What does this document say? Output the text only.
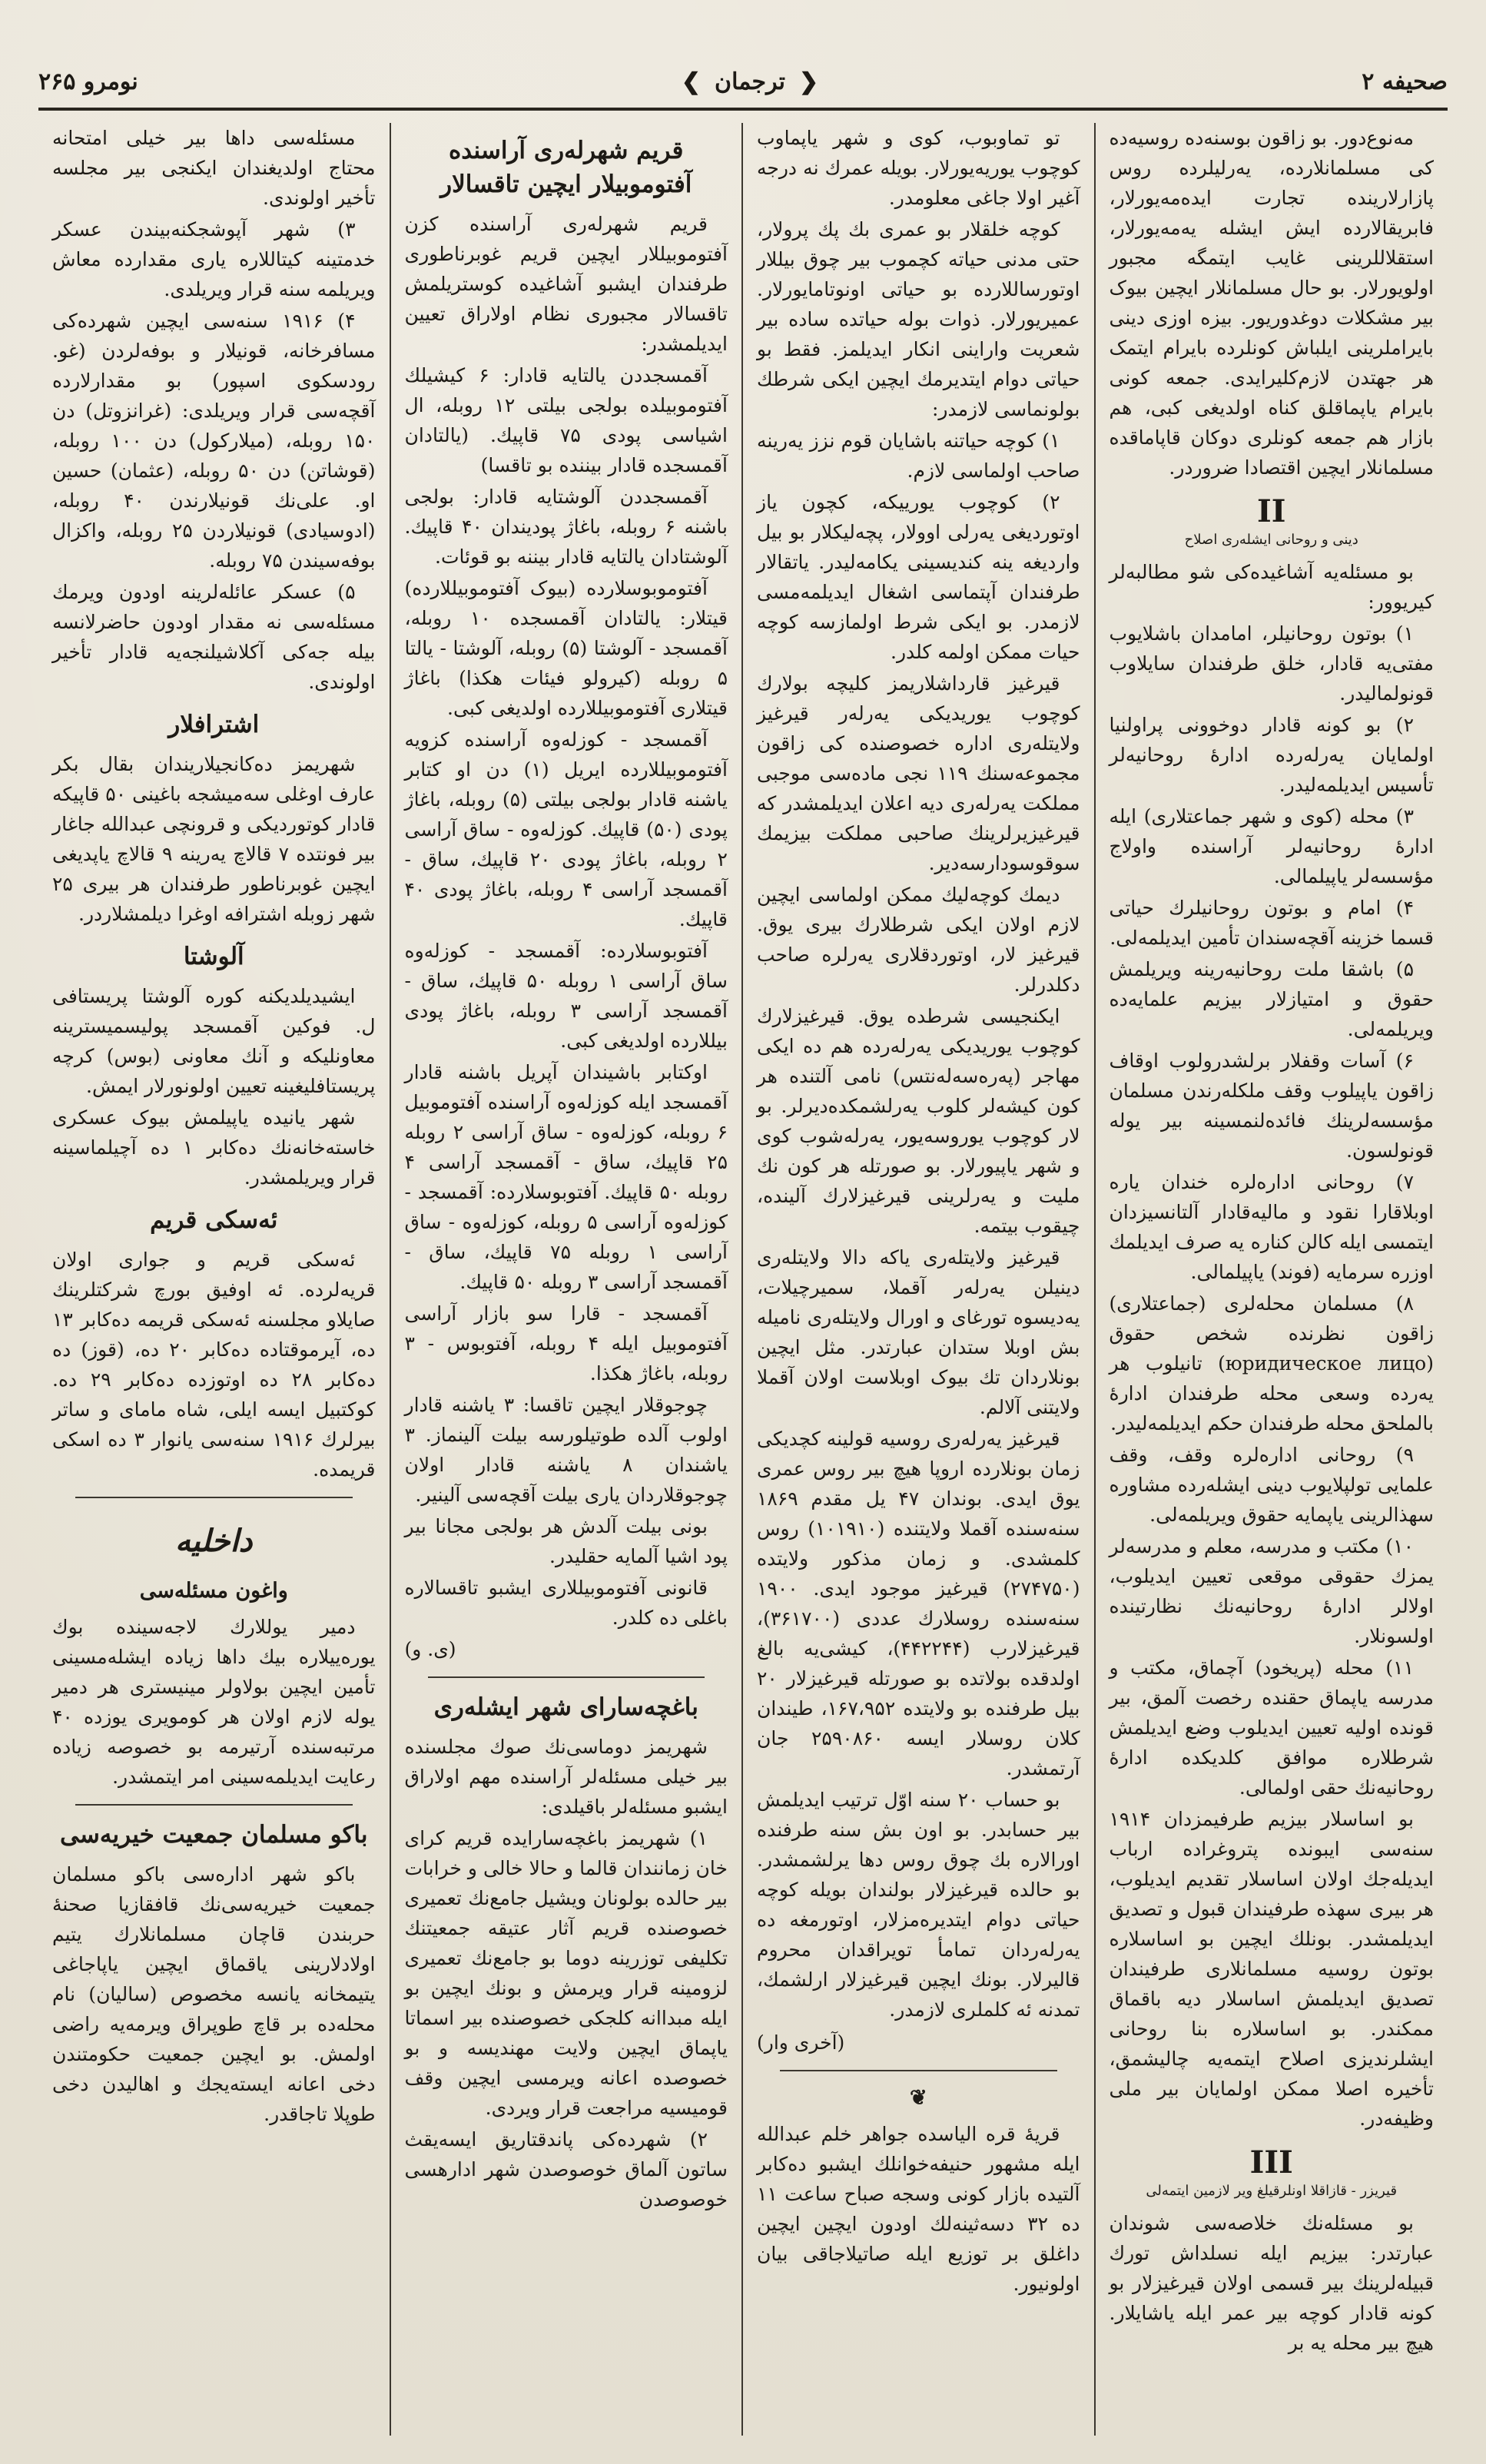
صحيفه ۲
❮
ترجمان
❯
نومرو ۲۶۵

مەنوع‌دور. بو زاقون بوسنه‌ده روسیه‌ده کی مسلمانلاردە، یەرلیلرده روس پازارلارینده تجارت ایدەمه‌یورلار، فابریقالارده ایش ایشله یه‌مه‌یورلار، استقلاللرینی غایب ایتمگه مجبور اولویورلار. بو حال مسلمانلار ایچین بیوک بیر مشکلات دوغدوریور. بیزه اوزی دینی بایراملرینی ایلباش کونلرده بایرام ایتمک هر جهتدن لازم‌کلیرایدی. جمعه کونی بایرام یاپماقلق کناه اولدیغی کبی، هم بازار هم جمعه کونلری دوکان قاپاماقده مسلمانلار ایچین اقتصادا ضروردر.

II
دینی و روحانی ایشلەری اصلاح

بو مسئله‌یه آشاغیده‌کی شو مطالبه‌لر کیریوور:

۱) بوتون روحانیلر، امامدان باشلایوب مفتی‌یه قادار، خلق طرفندان سایلاوب قونولمالیدر.

۲) بو کونه قادار دوخوونی پراولنیا اولمایان یەرلەرده ادارهٔ روحانیه‌لر تأسیس ایدیلمه‌لیدر.

۳) محله (کوی و شهر جماعتلاری) ایله ادارهٔ روحانیه‌لر آراسنده واولاج مؤسسه‌لر یاپیلمالی.

۴) امام و بوتون روحانیلرك حیاتی قسما خزینه آقچه‌سندان تأمین ایدیلمەلی.

۵) باشقا ملت روحانیه‌رینه ویریلمش حقوق و امتیازلار بیزیم علمایه‌ده ویریلمەلی.

۶) آسات وقفلار برلشدرولوب اوقاف زاقون یاپیلوب وقف ملکلەرندن مسلمان مؤسسه‌لرینك فائده‌لنمسینه بیر یوله قونولسون.

۷) روحانی ادارەلره خندان یاره اوبلاقارا نقود و مالیه‌قادار آلتانسیزدان ایتمسی ایله کالن کناره یه صرف ایدیلمك اوزره سرمایه (فوند) یاپیلمالی.

۸) مسلمان محله‌لری (جماعتلاری) زاقون نظرنده شخص حقوق (юридическое лицо) تانیلوب هر یەرده وسعی محله طرفندان ادارهٔ بالملحق محله طرفندان حکم ایدیلمه‌لیدر.

۹) روحانی ادارەلره وقف، وقف علمایی تولپلایوب دینی ایشلەرده مشاوره سهذالرینی یاپمایه حقوق ویریلمەلی.

۱۰) مکتب و مدرسه، معلم و مدرسه‌لر یمزك حقوقی موقعی تعیین ایدیلوب، اولالر ادارهٔ روحانیه‌نك نظارتینده اولسونلار.

۱۱) محله (پریخود) آچماق، مکتب و مدرسه یاپماق حقنده رخصت آلمق، بیر قونده اولیه تعیین ایدیلوب وضع ایدیلمش شرطلاره موافق کلدیکده ادارهٔ روحانیه‌نك حقی اولمالی.

بو اساسلار بیزیم طرفیمزدان ۱۹۱۴ سنه‌سی ایبونده پتروغراده ارباب ایدیله‌جك اولان اساسلار تقدیم ایدیلوب، هر بیری سهذه طرفیندان قبول و تصدیق ایدیلمشدر. بونلك ایچین بو اساسلاره بوتون روسیه مسلمانلاری طرفیندان تصدیق ایدیلمش اساسلار دیه باقماق ممکندر. بو اساسلاره بنا روحانی ایشلرندیزی اصلاح ایتمه‌یه چالیشمق، تأخیره اصلا ممکن اولمایان بیر ملی وظیفه‌در.

III
قیریزر - قازاقلا اونلرقیلغ ویر لازمین ایتمه‌لی

بو مسئله‌نك خلاصه‌سی شوندان عبارتدر: بیزیم ایله نسلداش تورك قبیله‌لرینك بیر قسمی اولان قیرغیزلار بو کونه قادار کوچه بیر عمر ایله یاشایلار. هیچ بیر محله یه بر

تو تماوبوب، کوی و شهر یاپماوب کوچوب یوریه‌یورلار. بویله عمرك نه درجه آغیر اولا جاغی معلومدر.

کوچه خلقلار بو عمری بك پك‌ پرولار، حتی مدنی حیاته کچموب بیر چوق بیللار اوتورساللارده بو حیاتی اونوتامایورلار. عمیریورلار. ذوات بوله حیاتده ساده بیر شعریت واراینی انکار ایدیلمز. فقط بو حیاتی دوام ایتدیرمك ایچین ایکی شرطك بولونماسی لازمدر:

۱) کوچه حیاتنه باشایان قوم نزز یەرینه صاحب اولماسی لازم.

۲) کوچوب یورییکه، کچون یاز اوتوردیغی یەرلی اوولار، پچه‌لیکلار بو بیل واردیغه ینه کندیسینی یکامه‌لیدر. یاتقالار طرفندان آپتماسی اشغال ایدیلمه‌مسی لازمدر. بو ایکی شرط اولمازسه کوچه حیات ممکن اولمه کلدر.

قیرغیز قارداشلاریمز کلیچه بولارك کوچوب یوریدیکی یەرلەر قیرغیز ولایتلەری اداره خصوصنده کی زاقون مجموعه‌سنك ۱۱۹ نجی ماده‌سی موجبی مملکت یەرلەری دیه اعلان ایدیلمشدر که قیرغیزیرلرینك صاحبی مملکت بیزیمك سوقوسودارسه‌دیر.

دیمك کوچه‌لیك ممکن اولماسی ایچین لازم اولان ایکی شرطلارك بیری یوق. قیرغیز لار، اوتوردقلاری یەرلره صاحب دکلدرلر.

ایکنجیسی شرطده یوق. قیرغیزلارك کوچوب یوریدیکی یەرلەرده هم ده ایکی مهاجر (پەرەسەلەنتس) نامی آلتنده هر کون کیشه‌لر کلوب یەرلشمکده‌دیرلر. بو لار کوچوب یوروسەیور، یەرلەشوب کوی و شهر یاپیورلار. بو صورتله هر کون نك ملیت و یەرلرینی قیرغیزلارك آلینده، چیقوب بیتمه.

قیرغیز ولایتلەری یاکه دالا ولایتلەری دینیلن یەرلەر آقملا، سمیرچیلات، یه‌دیسوه تورغای و اورال ولایتلەری نامیله بش اوبلا ستدان عبارتدر. مثل ایچین بونلاردان تك بیوک اوبلاست اولان آقملا ولایتنی آلالم.

قیرغیز یەرلەری روسیه قولینه کچدیکی زمان بونلاردە اروپا هیچ بیر روس عمری یوق ایدی. بوندان ۴۷ یل مقدم ۱۸۶۹ سنه‌سنده آقملا ولایتنده (۱۰۱۹۱۰) روس کلمشدی. و زمان مذکور ولایتده (۲۷۴۷۵۰) قیرغیز موجود ایدی. ۱۹۰۰ سنه‌سنده روسلارك عددی (۳۶۱۷۰۰)، قیرغیزلارب (۴۴۲۲۴۴)، کیشی‌یه بالغ اولدقده بولاتده بو صورتله قیرغیزلار ۲۰ بیل طرفنده بو ولایتده ۱۶۷،۹۵۲، طیندان کلان روسلار ایسه ۲۵۹۰۸۶۰ جان آرتمشدر.

بو حساب ۲۰ سنه اوّل ترتیب ایدیلمش بیر حسابدر. بو اون بش سنه طرفنده اورالاره بك چوق روس دها یرلشمشدر. بو حالده قیرغیزلار بولندان بویله کوچه حیاتی دوام ایتدیره‌مزلار، اوتورمغه ده یەرلەردان تمامأ تویراقدان محروم قالیرلار. بونك ایچین قیرغیزلار ارلشمك، تمدنه ئه کلملری لازمدر.

(آخری وار)
❦

قریهٔ قره الیاسده جواهر خلم عبدالله ایله مشهور حنیفه‌خوانلك ایشبو ده‌کابر آلتیده بازار کونی وسجه صباح ساعت ۱۱ ده ۳۲ دسه‌ثینه‌لك اودون ایچین ایچین داغلق بر توزیع ایله صاتیلاجاقی بیان اولونیور.

قریم شهرلەری آراسنده آفتوموبیلار ایچین تاقسالار

قریم شهرلەری آراسنده کزن آفتوموبیللار ایچین قریم غوبرناطوری طرفندان ایشبو آشاغیده کوستریلمش تاقسالار مجبوری نظام اولاراق تعیین ایدیلمشدر:

آقمسجددن یالتایه قادار: ۶ کیشیلك آفتوموبیلده بولجی بیلتی ۱۲ روبله، ال اشیاسی پودی ۷۵ قاپیك. (یالتادان آقمسجده قادار بیننده بو تاقسا)

آقمسجددن آلوشتایه قادار: بولجی باشنه ۶ روبله، باغاژ پودیندان ۴۰ قاپیك. آلوشتادان یالتایه قادار بیننه بو قوئات.

آفتوموبوسلارده (بیوک آفتوموبیللارده) قیتلار: یالتادان آقمسجده ۱۰ روبله، آقمسجد - آلوشتا (۵) روبله، آلوشتا - یالتا ۵ روبله (کیرولو فیئات هکذا) باغاژ قیتلاری آفتوموبیللارده اولدیغی کبی.

آقمسجد - کوزله‌وه آراسنده کزویه آفتوموبیللارده ایریل (۱) دن او کتابر یاشنه قادار بولجی بیلتی (۵) روبله، باغاژ پودی (۵۰) قاپیك. کوزله‌وه - ساق آراسی ۲ روبله، باغاژ پودی ۲۰ قاپیك، ساق - آقمسجد آراسی ۴ روبله، باغاژ پودی ۴۰ قاپیك.

آفتوبوسلارده: آقمسجد - کوزله‌وه ساق آراسی ۱ روبله ۵۰ قاپیك، ساق - آقمسجد آراسی ۳ روبله، باغاژ پودی بیللارده اولدیغی کبی.

اوکتابر باشیندان آپریل باشنه قادار آقمسجد ایله کوزله‌وه آراسنده آفتوموبیل ۶ روبله، کوزله‌وه - ساق آراسی ۲ روبله ۲۵ قاپیك، ساق - آقمسجد آراسی ۴ روبله ۵۰ قاپیك. آفتوبوسلارده: آقمسجد - کوزله‌وه آراسی ۵ روبله، کوزله‌وه - ساق آراسی ۱ روبله ۷۵ قاپیك، ساق - آقمسجد آراسی ۳ روبله ۵۰ قاپیك.

آقمسجد - قارا سو بازار آراسی آفتوموبیل ایله ۴ روبله، آفتوبوس - ۳ روبله، باغاژ هکذا.

چوجوقلار ایچین تاقسا: ۳ یاشنه قادار اولوب آلده طوتیلورسه بیلت آلینماز. ۳ یاشندان ۸ یاشنه قادار اولان چوجوقلاردان یاری بیلت آقچه‌سی آلینیر.

بونی بیلت آلدش هر بولجی مجانا بیر پود اشیا آلمایه حقلیدر.

قانونی آفتوموبیللاری ایشبو تاقسالاره باغلی ده کلدر.

(ی. و)
باغچه‌سارای شهر ایشلەری

شهریمز دوماسی‌نك صوك مجلسنده بیر خیلی مسئلەلر آراسنده مهم اولاراق ایشبو مسئلەلر باقیلدی:

۱) شهریمز باغچه‌سارایده قریم کرای خان زمانندان قالما و حالا خالی و خرابات بیر حالده بولونان ویشیل جامع‌نك تعمیری خصوصنده قریم آثار عتیقه جمعیتنك تکلیفی توزرینه دوما بو جامع‌نك تعمیری لزومینه قرار ویرمش و بونك ایچین بو ایله مبداانه کلجکی خصوصنده بیر اسماتا یاپماق ایچین ولایت مهندیسه و بو خصوصده اعانه ویرمسی ایچین وقف قومیسیه مراجعت قرار ویردی.

۲) شهرده‌کی پاندقتاریق ایسه‌یقث ساتون آلماق خوصوصدن شهر ادارهسی خوصوصدن

مسئله‌سی داها بیر خیلی امتحانه محتاج اولدیغندان ایکنجی بیر مجلسه تأخیر اولوندی.

۳) شهر آپوشجکنه‌بیندن عسکر خدمتینه کیتاللاره یاری مقدارده معاش ویریلمه سنه قرار ویریلدی.

۴) ۱۹۱۶ سنه‌سی ایچین شهرده‌کی مسافرخانه، قونیلار و بوفه‌لردن (غو. رودسکوی اسپور) بو مقدارلارده آقچه‌سی قرار ویریلدی: (غرانزوتل) دن ۱۵۰ روبله، (میلارکول) دن ۱۰۰ روبله، (قوشاتن) دن ۵۰ روبله، (عثمان) حسین او. علی‌نك قونیلارندن ۴۰ روبله، (ادوسیادی) قونیلاردن ۲۵ روبله، واکزال بوفه‌سیندن ۷۵ روبله.

۵) عسکر عائلەلرینه اودون ویرمك مسئله‌سی نه مقدار اودون حاضرلانسه بیله جه‌کی آکلاشیلنجه‌یه قادار تأخیر اولوندی.

اشترافلار

شهریمز ده‌کانجیلاریندان بقال بکر عارف اوغلی سه‌میشجه باغینی ۵۰ قاپیکه قادار کوتوردیکی و قرونچی عبدالله جاغار بیر فونتده ۷ قالاچ یەرینه ۹ قالاچ یاپدیغی ایچین غوبرناطور طرفندان هر بیری ۲۵ شهر زوبله اشترافه اوغرا دیلمشلاردر.

آلوشتا

ایشیدیلدیکنه کوره آلوشتا پریستافی ل. فوکین آقمسجد پولیسمیسترینه معاونلیکه و آنك معاونی (بوس) کرچه پریستافلیغینه تعیین اولونورلار ایمش.

شهر یانیده یاپیلمش بیوک عسکری خاسته‌خانه‌نك ده‌کابر ۱ ده آچیلماسینه قرار ویریلمشدر.

ئه‌سکی قریم

ئه‌سکی قریم و جواری اولان قریەلرده. ئه اوفیق بورچ شرکتلرینك صایلاو مجلسنه ئه‌سکی قریمه ده‌کابر ۱۳ ده، آیرموقتاده ده‌کابر ۲۰ ده، (قوز) ده ده‌کابر ۲۸ ده اوتوزده ده‌کابر ۲۹ ده. کوکتبیل ایسه ایلی، شاه مامای و ساتر بیرلرك ۱۹۱۶ سنه‌سی یانوار ۳ ده اسکی قریمده.

داخلیه
واغون مسئله‌سی

دمیر یوللارك لاجه‌سینده بوك یوره‌ییلاره بیك داها زیاده ایشله‌مسینی تأمین ایچین بولاولر مینیستری هر دمیر یوله لازم اولان هر کومویری یوزده ۴۰ مرتبه‌سنده آرتیرمه بو خصوصه زیاده رعایت ایدیلمه‌سینی امر ایتمشدر.

باکو مسلمان جمعیت خیریه‌سی

باکو شهر اداره‌سی باکو مسلمان جمعیت خیریه‌سی‌نك قافقازیا صحنهٔ حربندن قاچان مسلمانلارك یتیم اولادلارینی یاقماق ایچین یاپاجاغی یتیمخانه یانسه مخصوص (سالیان) نام محله‌ده بر قاچ طوپراق ویرمه‌یه راضی اولمش. بو ایچین جمعیت حکومتندن دخی اعانه ایسته‌یجك و اهالیدن دخی طوپلا تاجاقدر.
